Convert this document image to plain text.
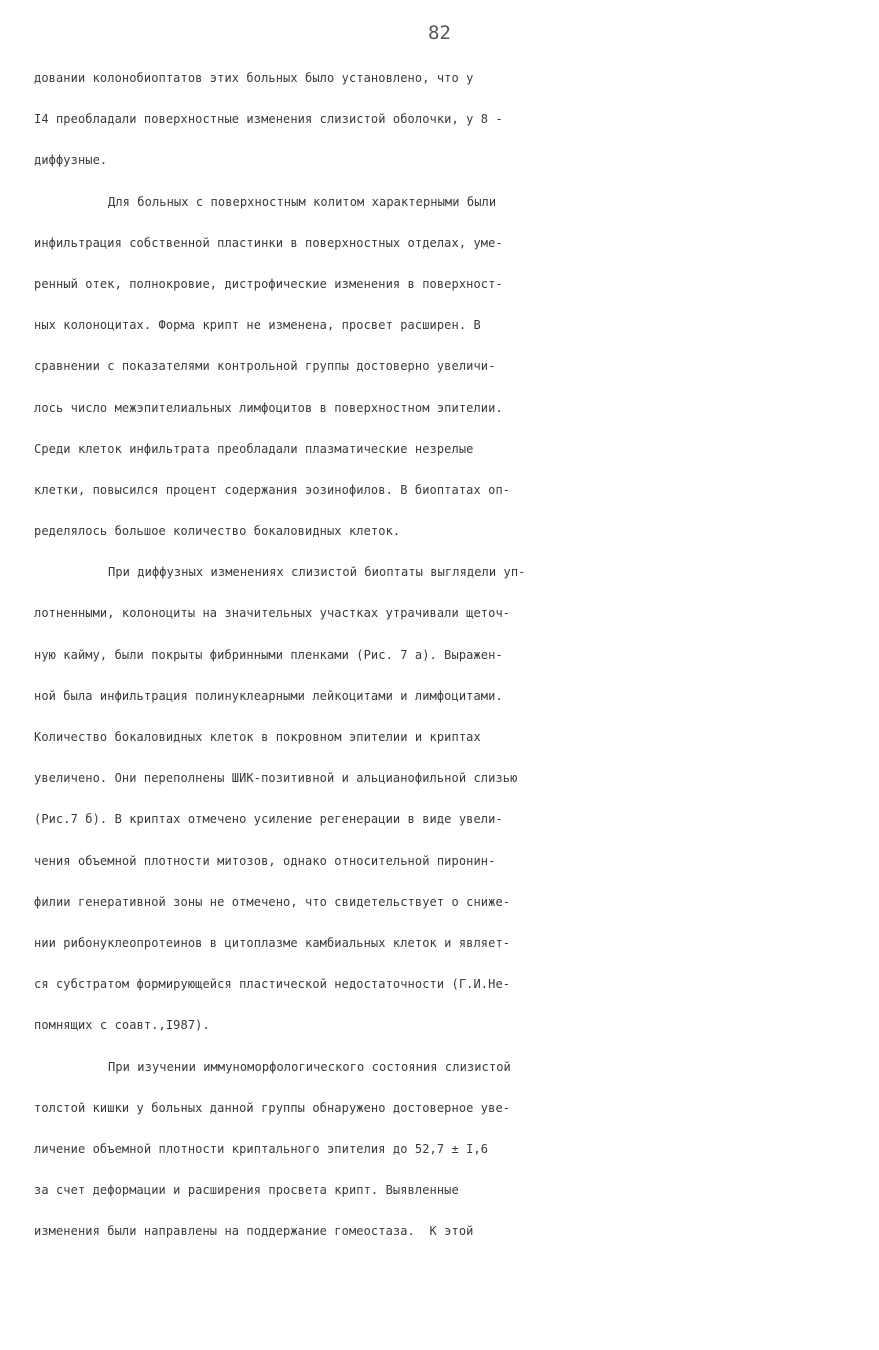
82
довании колонобиоптатов этих больных было установлено, что у
I4 преобладали поверхностные изменения слизистой оболочки, у 8 -
диффузные.
Для больных с поверхностным колитом характерными были
инфильтрация собственной пластинки в поверхностных отделах, уме-
ренный отек, полнокровие, дистрофические изменения в поверхност-
ных колоноцитах. Форма крипт не изменена, просвет расширен. В
сравнении с показателями контрольной группы достоверно увеличи-
лось число межэпителиальных лимфоцитов в поверхностном эпителии.
Среди клеток инфильтрата преобладали плазматические незрелые
клетки, повысился процент содержания эозинофилов. В биоптатах оп-
ределялось большое количество бокаловидных клеток.
При диффузных изменениях слизистой биоптаты выглядели уп-
лотненными, колоноциты на значительных участках утрачивали щеточ-
ную кайму, были покрыты фибринными пленками (Рис. 7 а). Выражен-
ной была инфильтрация полинуклеарными лейкоцитами и лимфоцитами.
Количество бокаловидных клеток в покровном эпителии и криптах
увеличено. Они переполнены ШИК-позитивной и альцианофильной слизью
(Рис.7 б). В криптах отмечено усиление регенерации в виде увели-
чения объемной плотности митозов, однако относительной пиронин-
филии генеративной зоны не отмечено, что свидетельствует о сниже-
нии рибонуклеопротеинов в цитоплазме камбиальных клеток и являет-
ся субстратом формирующейся пластической недостаточности (Г.И.Не-
помнящих с соавт.,I987).
При изучении иммуноморфологического состояния слизистой
толстой кишки у больных данной группы обнаружено достоверное уве-
личение объемной плотности криптального эпителия до 52,7 ± I,6
за счет деформации и расширения просвета крипт. Выявленные
изменения были направлены на поддержание гомеостаза.  К этой
